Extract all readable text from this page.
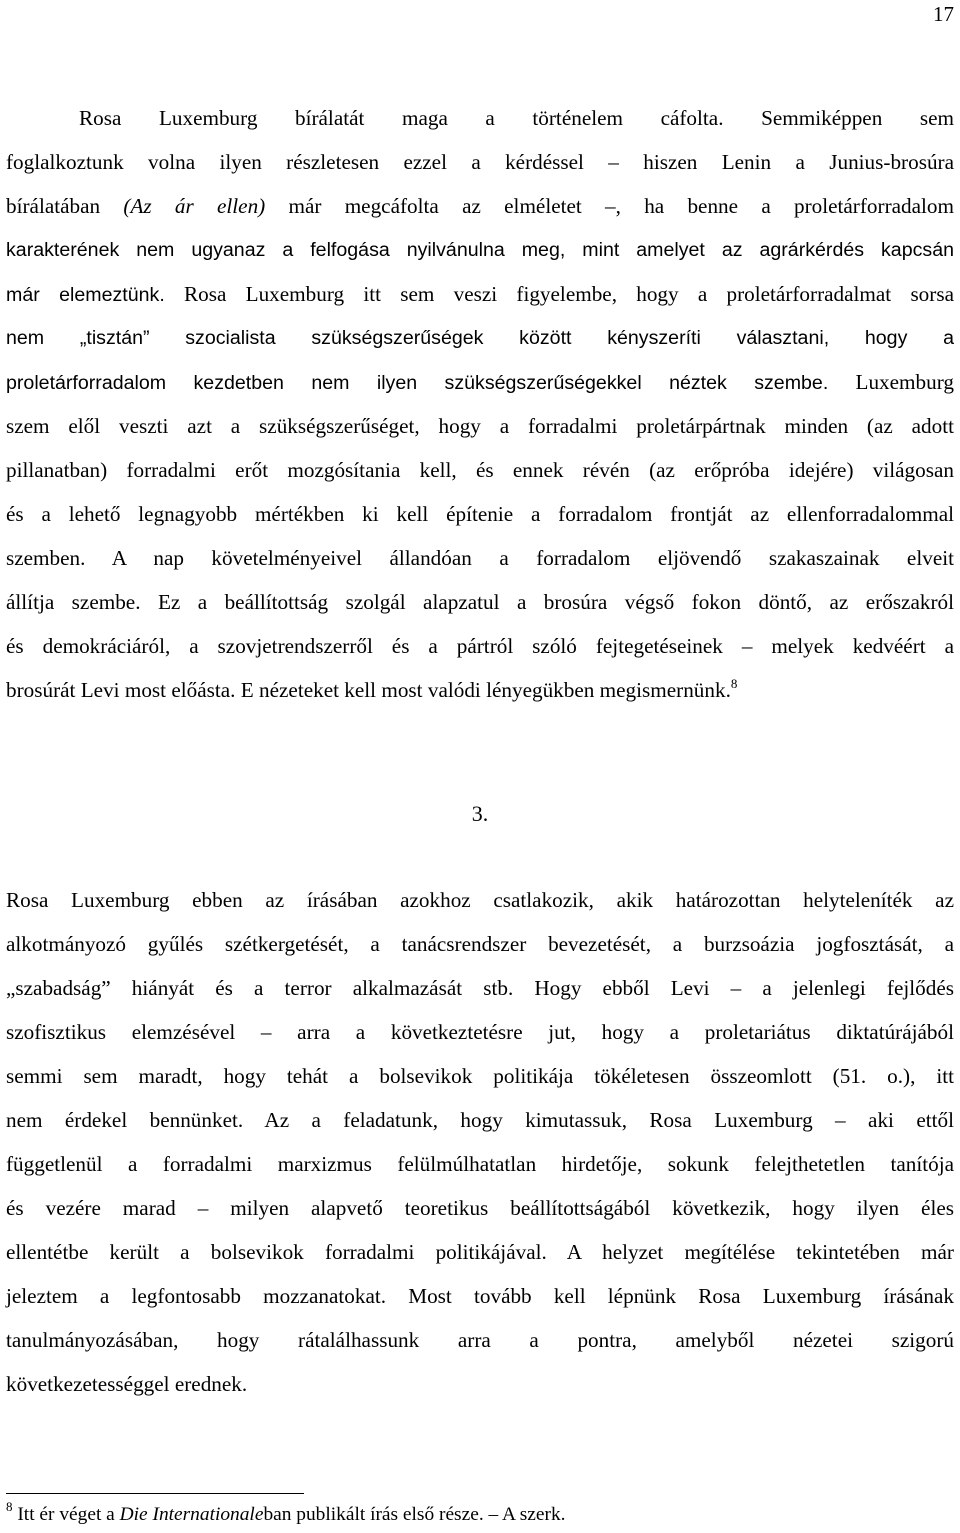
17
Rosa Luxemburg bírálatát maga a történelem cáfolta. Semmiképpen sem
foglalkoztunk volna ilyen részletesen ezzel a kérdéssel – hiszen Lenin a Junius-brosúra
bírálatában (Az ár ellen) már megcáfolta az elméletet –, ha benne a proletárforradalom
karakterének nem ugyanaz a felfogása nyilvánulna meg, mint amelyet az agrárkérdés kapcsán
már elemeztünk. Rosa Luxemburg itt sem veszi figyelembe, hogy a proletárforradalmat sorsa
nem „tisztán” szocialista szükségszerűségek között kényszeríti választani, hogy a
proletárforradalom kezdetben nem ilyen szükségszerűségekkel néztek szembe. Luxemburg
szem elől veszti azt a szükségszerűséget, hogy a forradalmi proletárpártnak minden (az adott
pillanatban) forradalmi erőt mozgósítania kell, és ennek révén (az erőpróba idejére) világosan
és a lehető legnagyobb mértékben ki kell építenie a forradalom frontját az ellenforradalommal
szemben. A nap követelményeivel állandóan a forradalom eljövendő szakaszainak elveit
állítja szembe. Ez a beállítottság szolgál alapzatul a brosúra végső fokon döntő, az erőszakról
és demokráciáról, a szovjetrendszerről és a pártról szóló fejtegetéseinek – melyek kedvéért a
brosúrát Levi most előásta. E nézeteket kell most valódi lényegükben megismernünk.$^8$
3.
Rosa Luxemburg ebben az írásában azokhoz csatlakozik, akik határozottan helyteleníték az
alkotmányozó gyűlés szétkergetését, a tanácsrendszer bevezetését, a burzsoázia jogfosztását, a
„szabadság” hiányát és a terror alkalmazását stb. Hogy ebből Levi – a jelenlegi fejlődés
szofisztikus elemzésével – arra a következtetésre jut, hogy a proletariátus diktatúrájából
semmi sem maradt, hogy tehát a bolsevikok politikája tökéletesen összeomlott (51. o.), itt
nem érdekel bennünket. Az a feladatunk, hogy kimutassuk, Rosa Luxemburg – aki ettől
függetlenül a forradalmi marxizmus felülmúlhatatlan hirdetője, sokunk felejthetetlen tanítója
és vezére marad – milyen alapvető teoretikus beállítottságából következik, hogy ilyen éles
ellentétbe került a bolsevikok forradalmi politikájával. A helyzet megítélése tekintetében már
jeleztem a legfontosabb mozzanatokat. Most tovább kell lépnünk Rosa Luxemburg írásának
tanulmányozásában, hogy rátalálhassunk arra a pontra, amelyből nézetei szigorú
következetességgel erednek.
$^8$ Itt ér véget a Die Internationaleban publikált írás első része. – A szerk.
